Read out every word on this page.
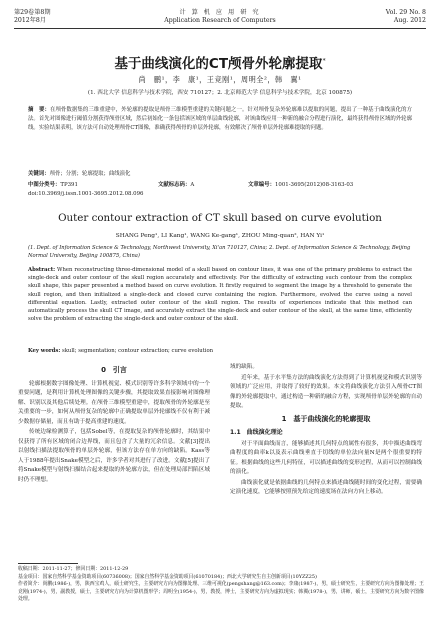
第29卷第8期
2012年8月
计 算 机 应 用 研 究
Application Research of Computers
Vol. 29 No. 8
Aug. 2012
基于曲线演化的CT颅骨外轮廓提取*
尚　鹏¹，李　康¹，王竞刚¹，周明全²，韩　翼¹
(1. 西北大学 信息科学与技术学院，西安 710127；2. 北京师范大学 信息科学与技术学院，北京 100875)
摘　要：在颅骨数据集的三维重建中，外轮廓的提取是颅骨三维模型重建的关键问题之一。针对颅骨复杂外轮廓难以提取的问题，提出了一种基于曲线演化的方法。首先对图像进行阈值分割获得颅骨区域，然后初始化一条包括该区域的单层曲线轮廓，对该曲线应用一种新的融合分程进行演化，最终获得颅骨区域的外轮廓线。实验结果表明，该方法可自动处理颅骨CT图像，准确获得颅骨的单层外轮廓，有效解决了颅骨单层外轮廓难提取的问题。
关键词：颅骨；分割；轮廓提取；曲线演化
中图分类号：TP391	文献标志码：A	文章编号：1001-3695(2012)08-3163-03
doi:10.3969/j.issn.1001-3695.2012.08.096
Outer contour extraction of CT skull based on curve evolution
SHANG Peng¹, LI Kang¹, WANG Ke-gang¹, ZHOU Ming-quan², HAN Yi¹
(1. Dept. of Information Science & Technology, Northwest University, Xi'an 710127, China; 2. Dept. of Information Science & Technology, Beijing Normal University, Beijing 100875, China)
Abstract: When reconstructing three-dimensional model of a skull based on contour lines, it was one of the primary problems to extract the single-deck and outer contour of the skull region accurately and effectively. For the difficulty of extracting such contour from the complex skull shape, this paper presented a method based on curve evolution. It firstly required to segment the image by a threshold to generate the skull region, and then initialized a single-deck and closed curve containing the region. Furthermore, evolved the curve using a novel differential equation. Lastly, extracted outer contour of the skull region. The results of experiences indicate that this method can automatically process the skull CT image, and accurately extract the single-deck and outer contour of the skull, at the same time, efficiently solve the problem of extracting the single-deck and outer contour of the skull.
Key words: skull; segmentation; contour extraction; curve evolution
0　引言

轮廓根据数字图像处理、计算机视觉、模式识别等许多科学领域中的一个重要问题，是利用计算机处理图像的关键步骤，其提取效果直接影响对图像理解、识别以及其他后续处理。在颅骨三维模型重建中，提取颅骨的外轮廓是至关重要的一步，如何从颅骨复杂的轮廓中正确提取单层外轮廓线不仅有利于减少数据存储量，而且有助于提高重建的速度。

传统边缘检测算子，包括Sobel等，在提取复杂的颅骨轮廓时，其结果中仅获得了所有区域的闭合边界线，而且包含了大量的冗余信息。文献[3]提出以射线扫描法提取颅骨的单层外轮廓，但该方法存在单方向的缺陷。Kass等人于1988年提出Snake模型之后，许多学者对其进行了改进。文献[5]提出了将Snake模型与射线扫描结合起来提取的外轮廓方法，但在处理局部凹陷区域时仍不理想。

域的缺陷。

近年来，基于水平集方法的曲线演化方法得到了计算机视觉和模式识别等领域的广泛应用，并取得了较好的效果。本文将曲线演化方法引入颅骨CT图像的外轮廓提取中，通过构造一种新的融合方程，实现颅骨单层外轮廓的自动提取。

1　基于曲线演化的轮廓提取
1.1　曲线演化理论

对于平面曲线而言，能够描述其几何特点的属性有很多，其中描述曲线弯曲程度的曲率k以及表示曲线垂直于切线的单位法向量N是两个很重要的特征。根据曲线的这些几何特征，可以描述曲线的变形过程，从而可以控制曲线的演化。

曲线演化就是依据曲线的几何特点来描述曲线随时间的变化过程，需要确定演化速度，它能够按照预先给定的速度场在法向方向上移动。

收稿日期：2011-11-27；修回日期：2011-12-29
基金项目：国家自然科学基金资助项目(60736008)；国家自然科学基金资助项目(61070184)；西北大学研究生自主创新项目(10YZZ25)
作者简介：尚鹏(1986-)，男，陕西宝鸡人，硕士研究生，主要研究方向为图像处理、三维可视化(pengshang@163.com)；李康(1987-)，男，硕士研究生，主要研究方向为图像处理；王竞刚(1974-)，男，副教授，硕士，主要研究方向为计算机图形学；周明全(1954-)，男，教授，博士，主要研究方向为虚拟现实；韩翼(1978-)，男，讲师，硕士，主要研究方向为数字图像处理。
